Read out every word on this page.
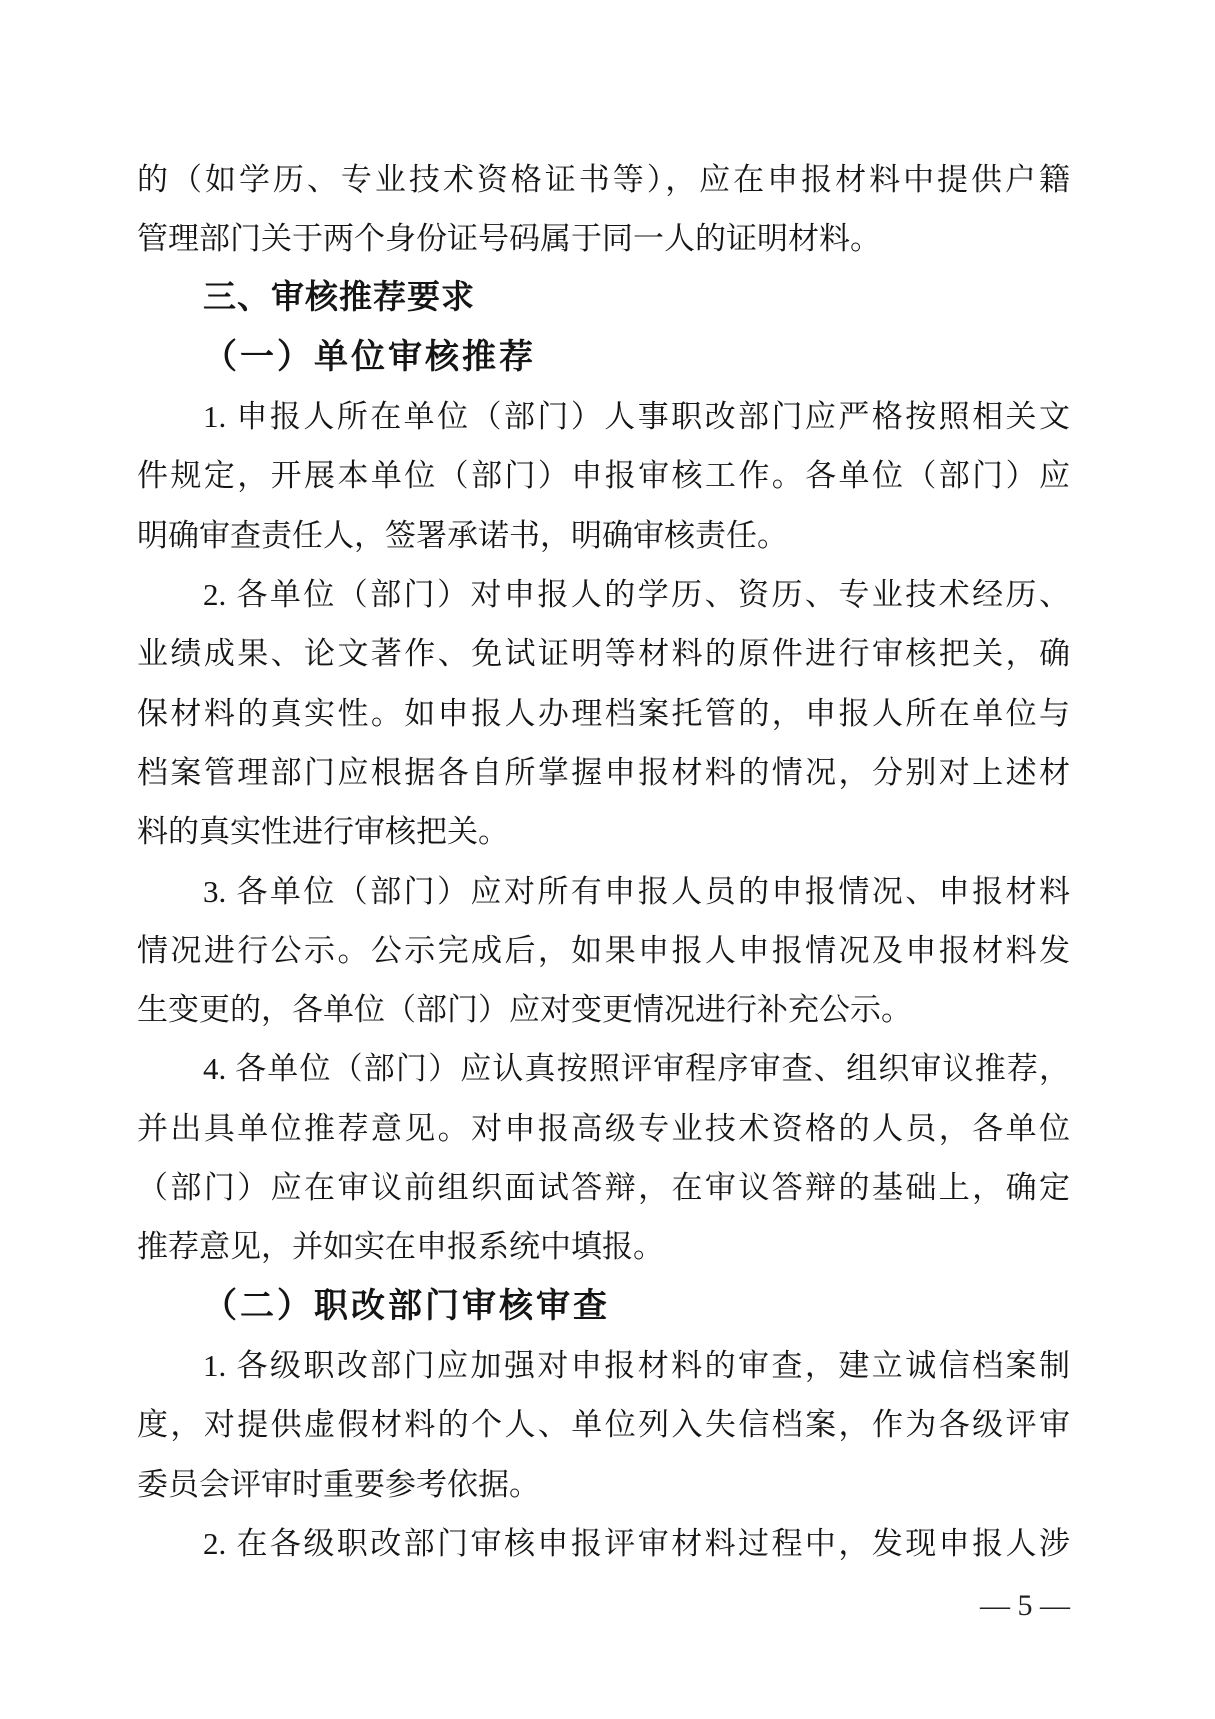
的（如学历、专业技术资格证书等），应在申报材料中提供户籍
管理部门关于两个身份证号码属于同一人的证明材料。
三、审核推荐要求
（一）单位审核推荐
1. 申报人所在单位（部门）人事职改部门应严格按照相关文
件规定，开展本单位（部门）申报审核工作。各单位（部门）应
明确审查责任人，签署承诺书，明确审核责任。
2. 各单位（部门）对申报人的学历、资历、专业技术经历、
业绩成果、论文著作、免试证明等材料的原件进行审核把关，确
保材料的真实性。如申报人办理档案托管的，申报人所在单位与
档案管理部门应根据各自所掌握申报材料的情况，分别对上述材
料的真实性进行审核把关。
3. 各单位（部门）应对所有申报人员的申报情况、申报材料
情况进行公示。公示完成后，如果申报人申报情况及申报材料发
生变更的，各单位（部门）应对变更情况进行补充公示。
4. 各单位（部门）应认真按照评审程序审查、组织审议推荐，
并出具单位推荐意见。对申报高级专业技术资格的人员，各单位
（部门）应在审议前组织面试答辩，在审议答辩的基础上，确定
推荐意见，并如实在申报系统中填报。
（二）职改部门审核审查
1. 各级职改部门应加强对申报材料的审查，建立诚信档案制
度，对提供虚假材料的个人、单位列入失信档案，作为各级评审
委员会评审时重要参考依据。
2. 在各级职改部门审核申报评审材料过程中，发现申报人涉
— 5 —
